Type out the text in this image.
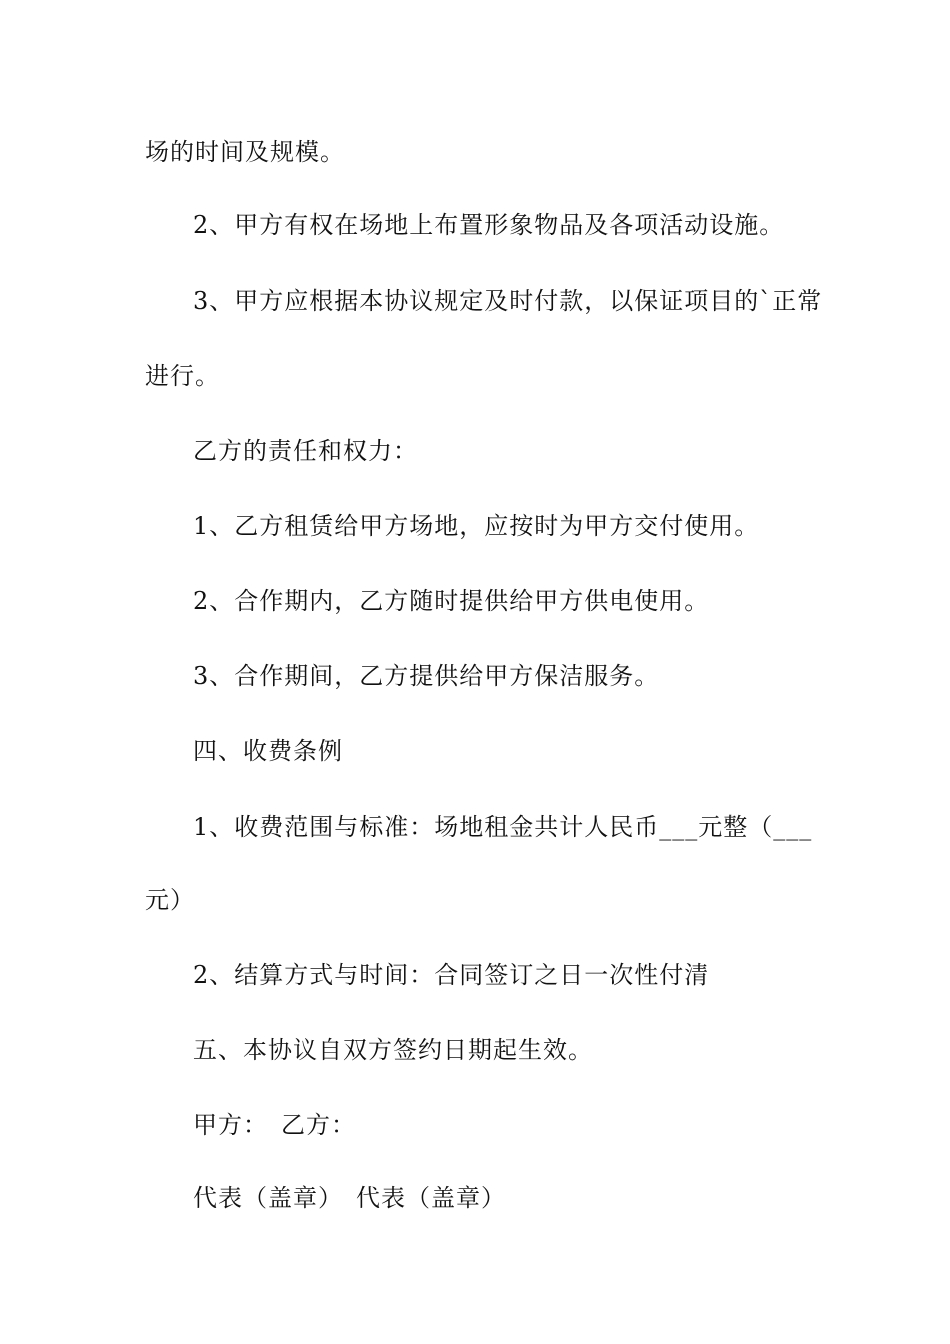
场的时间及规模。
2、甲方有权在场地上布置形象物品及各项活动设施。
3、甲方应根据本协议规定及时付款，以保证项目的`正常
进行。
乙方的责任和权力：
1、乙方租赁给甲方场地，应按时为甲方交付使用。
2、合作期内，乙方随时提供给甲方供电使用。
3、合作期间，乙方提供给甲方保洁服务。
四、收费条例
1、收费范围与标准：场地租金共计人民币___元整（___
元）
2、结算方式与时间：合同签订之日一次性付清
五、本协议自双方签约日期起生效。
甲方：　乙方：
代表（盖章）　代表（盖章）
